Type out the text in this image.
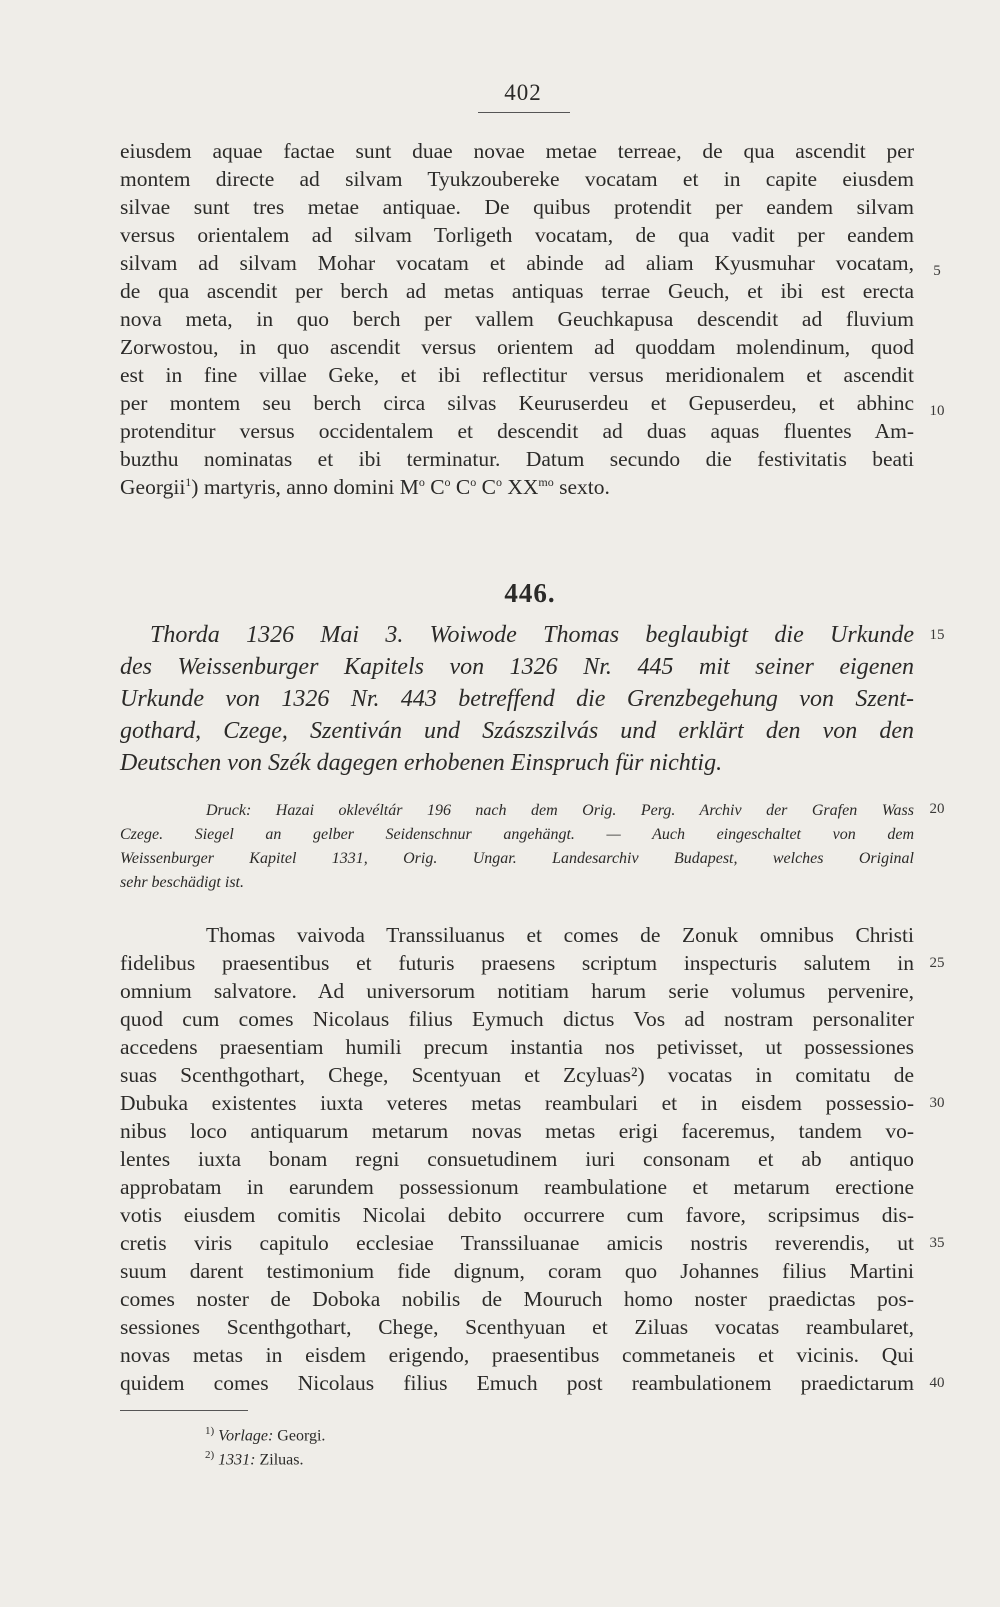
402
eiusdem aquae factae sunt duae novae metae terreae, de qua ascendit per
montem directe ad silvam Tyukzoubereke vocatam et in capite eiusdem
silvae sunt tres metae antiquae. De quibus protendit per eandem silvam
versus orientalem ad silvam Torligeth vocatam, de qua vadit per eandem
silvam ad silvam Mohar vocatam et abinde ad aliam Kyusmuhar vocatam,
de qua ascendit per berch ad metas antiquas terrae Geuch, et ibi est erecta
nova meta, in quo berch per vallem Geuchkapusa descendit ad fluvium
Zorwostou, in quo ascendit versus orientem ad quoddam molendinum, quod
est in fine villae Geke, et ibi reflectitur versus meridionalem et ascendit
per montem seu berch circa silvas Keuruserdeu et Gepuserdeu, et abhinc
protenditur versus occidentalem et descendit ad duas aquas fluentes Am-
buzthu nominatas et ibi terminatur. Datum secundo die festivitatis beati
Georgii$^1$) martyris, anno domini $M^o$ $C^o$ $C^o$ $C^o$ $XX^{mo}$ sexto.
446.
Thorda 1326 Mai 3. Woiwode Thomas beglaubigt die Urkunde
des Weissenburger Kapitels von 1326 Nr. 445 mit seiner eigenen
Urkunde von 1326 Nr. 443 betreffend die Grenzbegehung von Szent-
gothard, Czege, Szentiván und Szászszilvás und erklärt den von den
Deutschen von Szék dagegen erhobenen Einspruch für nichtig.
Druck: Hazai oklevéltár 196 nach dem Orig. Perg. Archiv der Grafen Wass
Czege. Siegel an gelber Seidenschnur angehängt. — Auch eingeschaltet von dem
Weissenburger Kapitel 1331, Orig. Ungar. Landesarchiv Budapest, welches Original
sehr beschädigt ist.
Thomas vaivoda Transsiluanus et comes de Zonuk omnibus Christi
fidelibus praesentibus et futuris praesens scriptum inspecturis salutem in
omnium salvatore. Ad universorum notitiam harum serie volumus pervenire,
quod cum comes Nicolaus filius Eymuch dictus Vos ad nostram personaliter
accedens praesentiam humili precum instantia nos petivisset, ut possessiones
suas Scenthgothart, Chege, Scentyuan et Zcyluas²) vocatas in comitatu de
Dubuka existentes iuxta veteres metas reambulari et in eisdem possessio-
nibus loco antiquarum metarum novas metas erigi faceremus, tandem vo-
lentes iuxta bonam regni consuetudinem iuri consonam et ab antiquo
approbatam in earundem possessionum reambulatione et metarum erectione
votis eiusdem comitis Nicolai debito occurrere cum favore, scripsimus dis-
cretis viris capitulo ecclesiae Transsiluanae amicis nostris reverendis, ut
suum darent testimonium fide dignum, coram quo Johannes filius Martini
comes noster de Doboka nobilis de Mouruch homo noster praedictas pos-
sessiones Scenthgothart, Chege, Scenthyuan et Ziluas vocatas reambularet,
novas metas in eisdem erigendo, praesentibus commetaneis et vicinis. Qui
quidem comes Nicolaus filius Emuch post reambulationem praedictarum
5
10
15
20
25
30
35
40
$^{1)}$ Vorlage: Georgi.
$^{2)}$ 1331: Ziluas.
